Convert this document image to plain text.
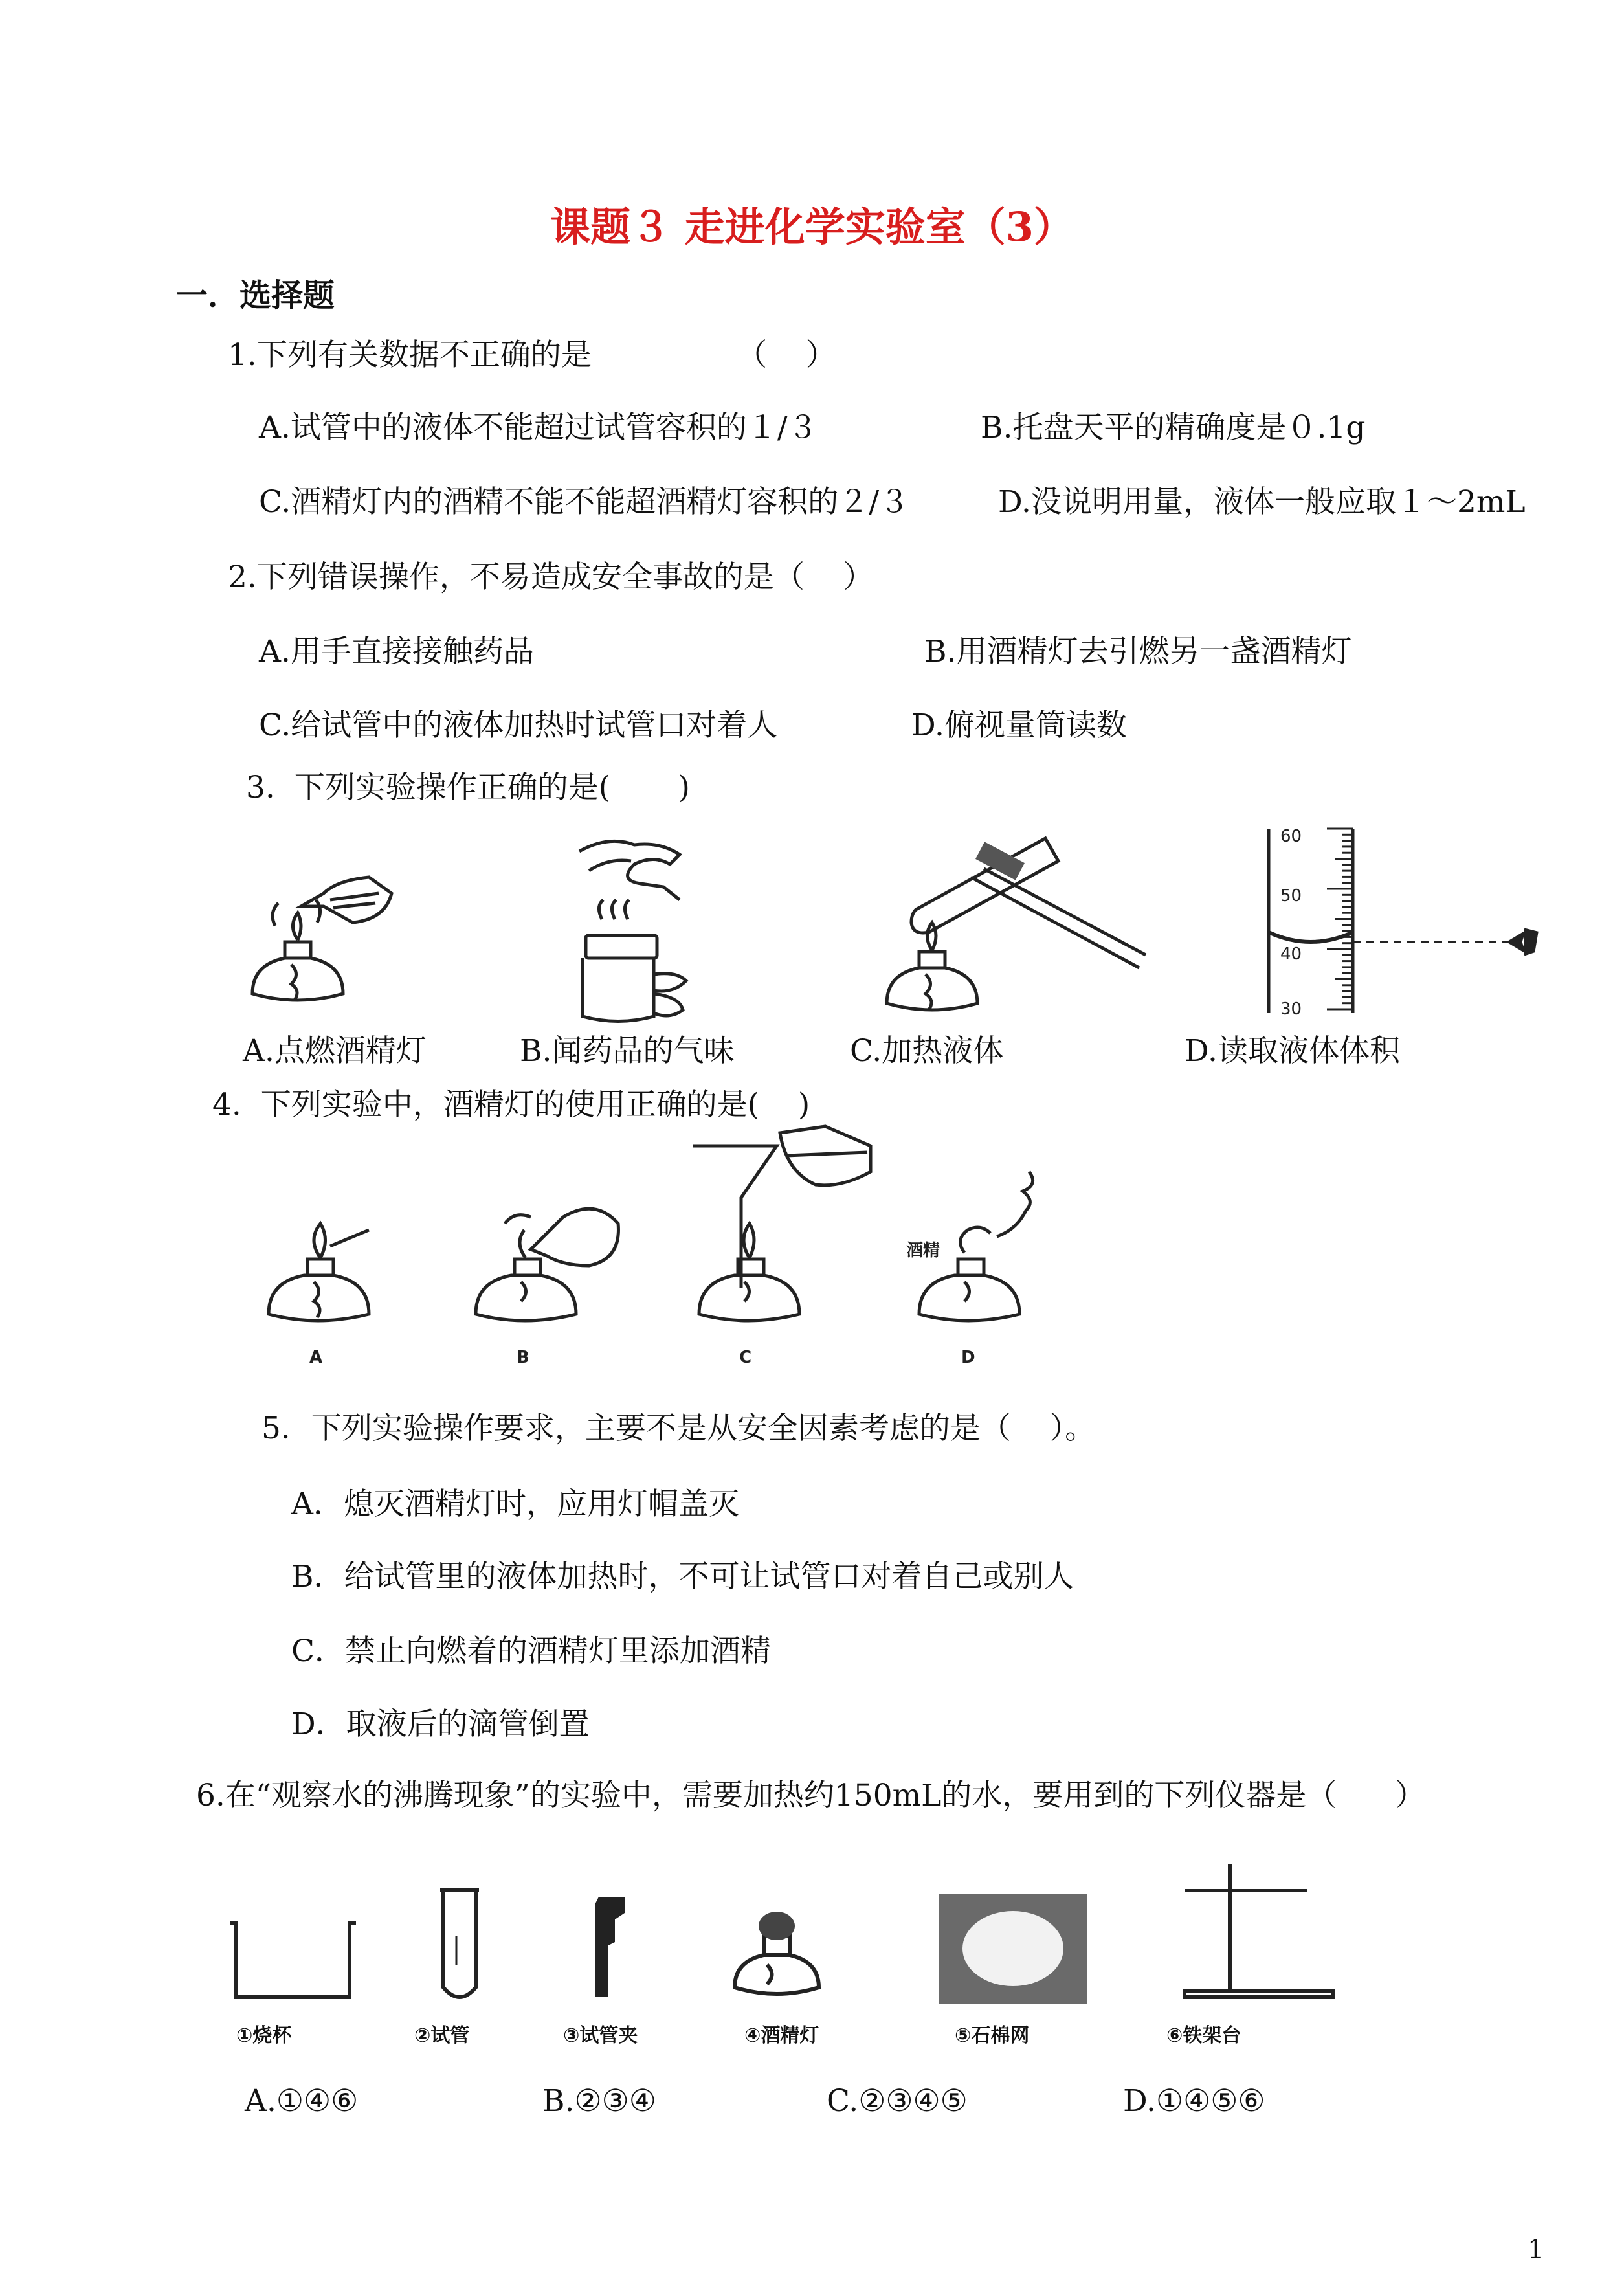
课题３ 走进化学实验室（3）
一．选择题
1.下列有关数据不正确的是               （    ）
A.试管中的液体不能超过试管容积的１/３	B.托盘天平的精确度是０.1g
C.酒精灯内的酒精不能不能超酒精灯容积的２/３	D.没说明用量，液体一般应取１～2mL
2.下列错误操作，不易造成安全事故的是（    ）
A.用手直接接触药品	B.用酒精灯去引燃另一盏酒精灯
C.给试管中的液体加热时试管口对着人	D.俯视量筒读数
3.  下列实验操作正确的是(       )
60
50
40
30
A.点燃酒精灯	B.闻药品的气味	C.加热液体	D.读取液体体积
4.  下列实验中，酒精灯的使用正确的是(    )
酒精
A	B	C	D
5．下列实验操作要求，主要不是从安全因素考虑的是（    ）。
A．熄灭酒精灯时，应用灯帽盖灭
B．给试管里的液体加热时，不可让试管口对着自己或别人
C．禁止向燃着的酒精灯里添加酒精
D．取液后的滴管倒置
6.在“观察水的沸腾现象”的实验中，需要加热约150mL的水，要用到的下列仪器是（      ）
①烧杯	②试管	③试管夹	④酒精灯	⑤石棉网	⑥铁架台
A.①④⑥	B.②③④	C.②③④⑤	D.①④⑤⑥
1
